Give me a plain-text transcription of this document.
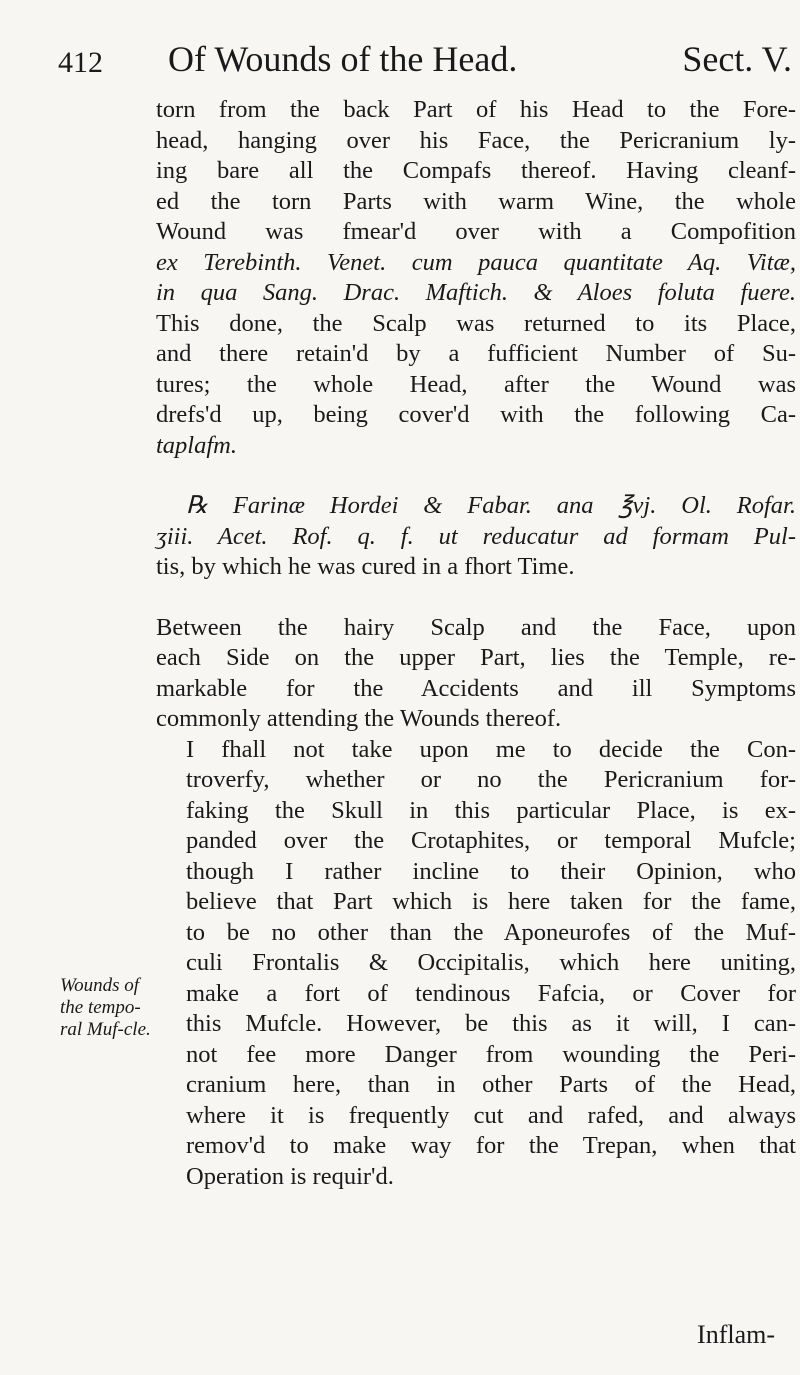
412 Of Wounds of the Head.	Sect. V.

torn from the back Part of his Head to the Fore-
head, hanging over his Face, the Pericranium ly-
ing bare all the Compafs thereof. Having cleanf-
ed the torn Parts with warm Wine, the whole
Wound was fmear'd over with a Compofition
ex Terebinth. Venet. cum pauca quantitate Aq. Vitæ,
in qua Sang. Drac. Maftich. & Aloes foluta fuere.
This done, the Scalp was returned to its Place,
and there retain'd by a fufficient Number of Su-
tures; the whole Head, after the Wound was
drefs'd up, being cover'd with the following Ca-
taplafm.

℞ Farinæ Hordei & Fabar. ana ℥vj. Ol. Rofar.
ʒiii. Acet. Rof. q. f. ut reducatur ad formam Pul-
tis, by which he was cured in a fhort Time.

Between the hairy Scalp and the Face, upon
each Side on the upper Part, lies the Temple, re-
markable for the Accidents and ill Symptoms
commonly attending the Wounds thereof.

I fhall not take upon me to decide the Con-
troverfy, whether or no the Pericranium for-
faking the Skull in this particular Place, is ex-
panded over the Crotaphites, or temporal Mufcle;
though I rather incline to their Opinion, who
believe that Part which is here taken for the fame,
to be no other than the Aponeurofes of the Muf-
culi Frontalis & Occipitalis, which here uniting,
make a fort of tendinous Fafcia, or Cover for
this Mufcle. However, be this as it will, I can-
not fee more Danger from wounding the Peri-
cranium here, than in other Parts of the Head,
where it is frequently cut and rafed, and always
remov'd to make way for the Trepan, when that
Operation is requir'd.

Wounds of the tempo-ral Muf-cle.
Inflam-
